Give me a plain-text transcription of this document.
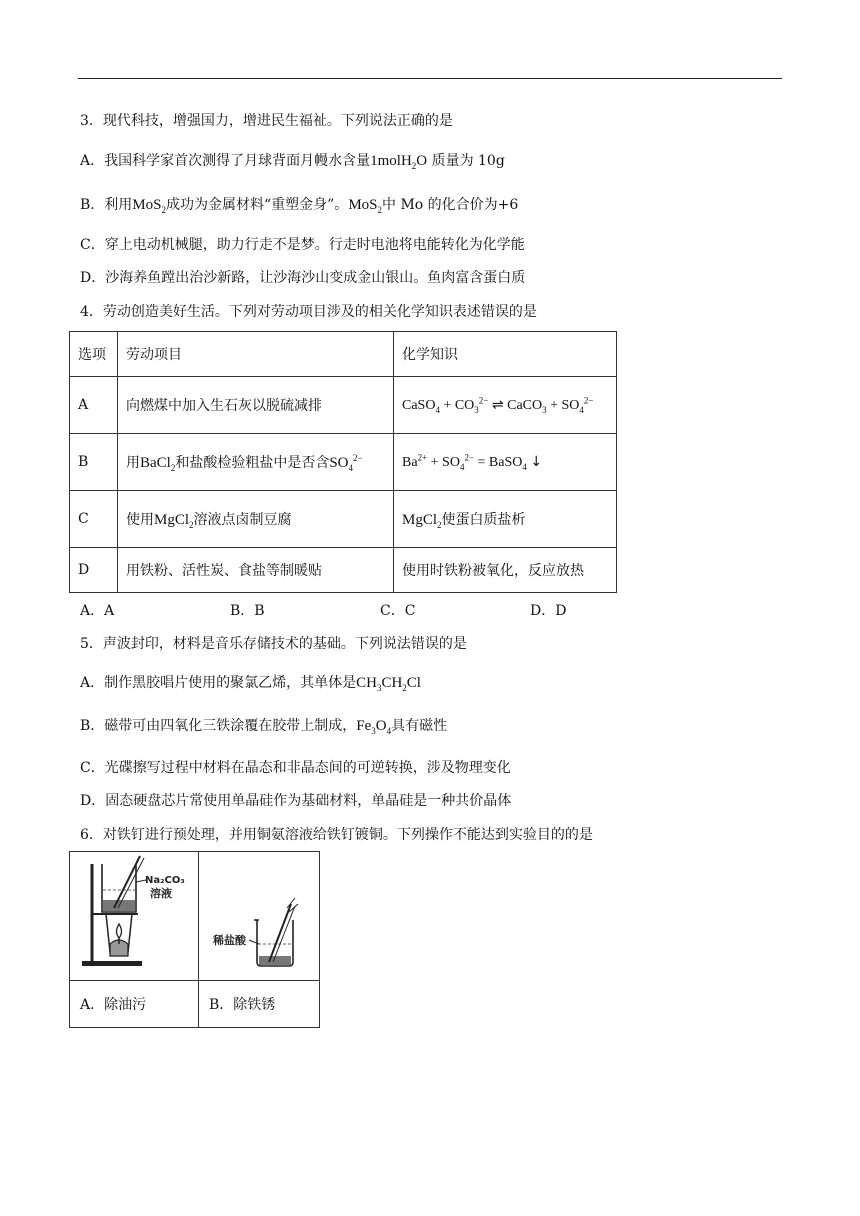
3．现代科技，增强国力，增进民生福祉。下列说法正确的是
A．我国科学家首次测得了月球背面月幔水含量1molH$_2$O 质量为 10g
B．利用MoS$_2$成功为金属材料“重塑金身”。MoS$_2$中 Mo 的化合价为+6
C．穿上电动机械腿，助力行走不是梦。行走时电池将电能转化为化学能
D．沙海养鱼蹚出治沙新路，让沙海沙山变成金山银山。鱼肉富含蛋白质
4．劳动创造美好生活。下列对劳动项目涉及的相关化学知识表述错误的是
选项	劳动项目	化学知识
A	向燃煤中加入生石灰以脱硫减排	CaSO$_4$ + $CO_3^{2-}$ ⇌ CaCO$_3$ + $SO_4^{2-}$
B	用BaCl$_2$和盐酸检验粗盐中是否含$SO_4^{2-}$	$Ba^{2+} + SO_4^{2-}$ = BaSO$_4$ ↓
C	使用MgCl$_2$溶液点卤制豆腐	MgCl$_2$使蛋白质盐析
D	用铁粉、活性炭、食盐等制暖贴	使用时铁粉被氧化，反应放热
A．A	B．B	C．C	D．D
5．声波封印，材料是音乐存储技术的基础。下列说法错误的是
A．制作黑胶唱片使用的聚氯乙烯，其单体是$CH_3CH_2Cl$
B．磁带可由四氧化三铁涂覆在胶带上制成，$Fe_3O_4$具有磁性
C．光碟擦写过程中材料在晶态和非晶态间的可逆转换，涉及物理变化
D．固态硬盘芯片常使用单晶硅作为基础材料，单晶硅是一种共价晶体
6．对铁钉进行预处理，并用铜氨溶液给铁钉镀铜。下列操作不能达到实验目的的是
Na₂CO₃
溶液	稀盐酸

A．除油污	B．除铁锈
